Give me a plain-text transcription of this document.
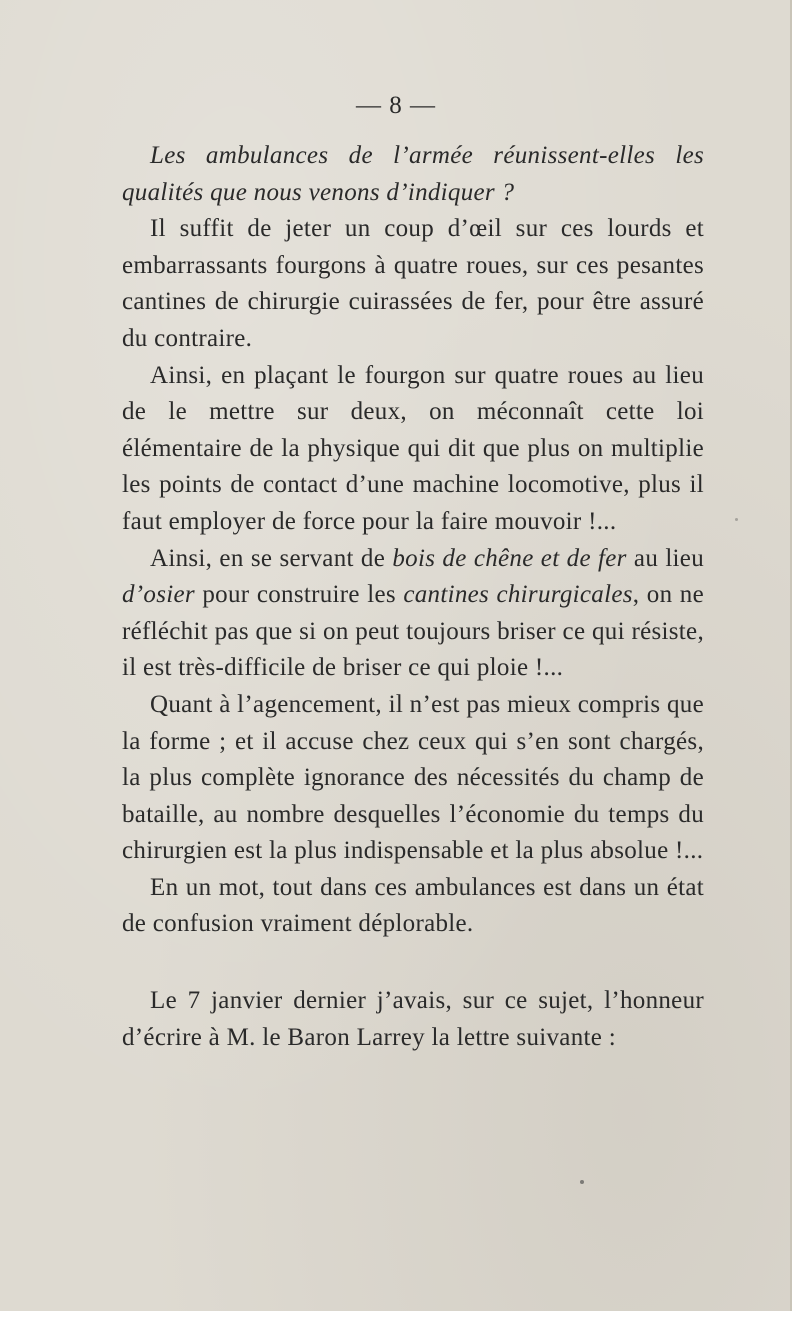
— 8 —

Les ambulances de l’armée réunissent-elles les qualités que nous venons d’indiquer ?

Il suffit de jeter un coup d’œil sur ces lourds et embarrassants fourgons à quatre roues, sur ces pesantes cantines de chirurgie cuirassées de fer, pour être assuré du contraire.

Ainsi, en plaçant le fourgon sur quatre roues au lieu de le mettre sur deux, on méconnaît cette loi élémentaire de la physique qui dit que plus on multiplie les points de contact d’une machine locomotive, plus il faut employer de force pour la faire mouvoir !...

Ainsi, en se servant de bois de chêne et de fer au lieu d’osier pour construire les cantines chirurgicales, on ne réfléchit pas que si on peut toujours briser ce qui résiste, il est très-difficile de briser ce qui ploie !...

Quant à l’agencement, il n’est pas mieux compris que la forme ; et il accuse chez ceux qui s’en sont chargés, la plus complète ignorance des nécessités du champ de bataille, au nombre desquelles l’économie du temps du chirurgien est la plus indispensable et la plus absolue !...

En un mot, tout dans ces ambulances est dans un état de confusion vraiment déplorable.

Le 7 janvier dernier j’avais, sur ce sujet, l’honneur d’écrire à M. le Baron Larrey la lettre suivante :
